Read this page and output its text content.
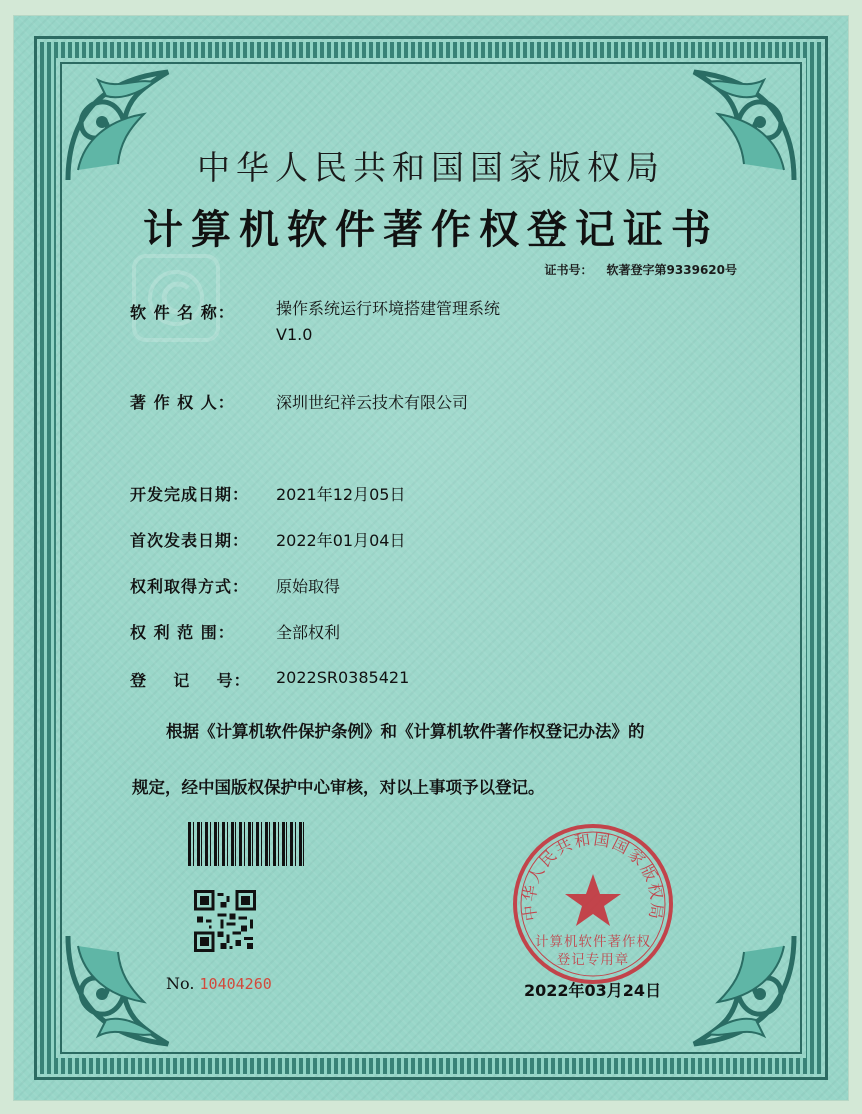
中华人民共和国国家版权局
计算机软件著作权登记证书
证书号： 软著登字第9339620号
软 件 名 称：	操作系统运行环境搭建管理系统
V1.0
著 作 权 人：	深圳世纪祥云技术有限公司
开发完成日期： 2021年12月05日
首次发表日期： 2022年01月04日
权利取得方式： 原始取得
权 利 范 围：	全部权利
登    记    号： 2022SR0385421
根据《计算机软件保护条例》和《计算机软件著作权登记办法》的
规定，经中国版权保护中心审核，对以上事项予以登记。
No. 10404260
中华人民共和国国家版权局
计算机软件著作权
登记专用章
2022年03月24日
